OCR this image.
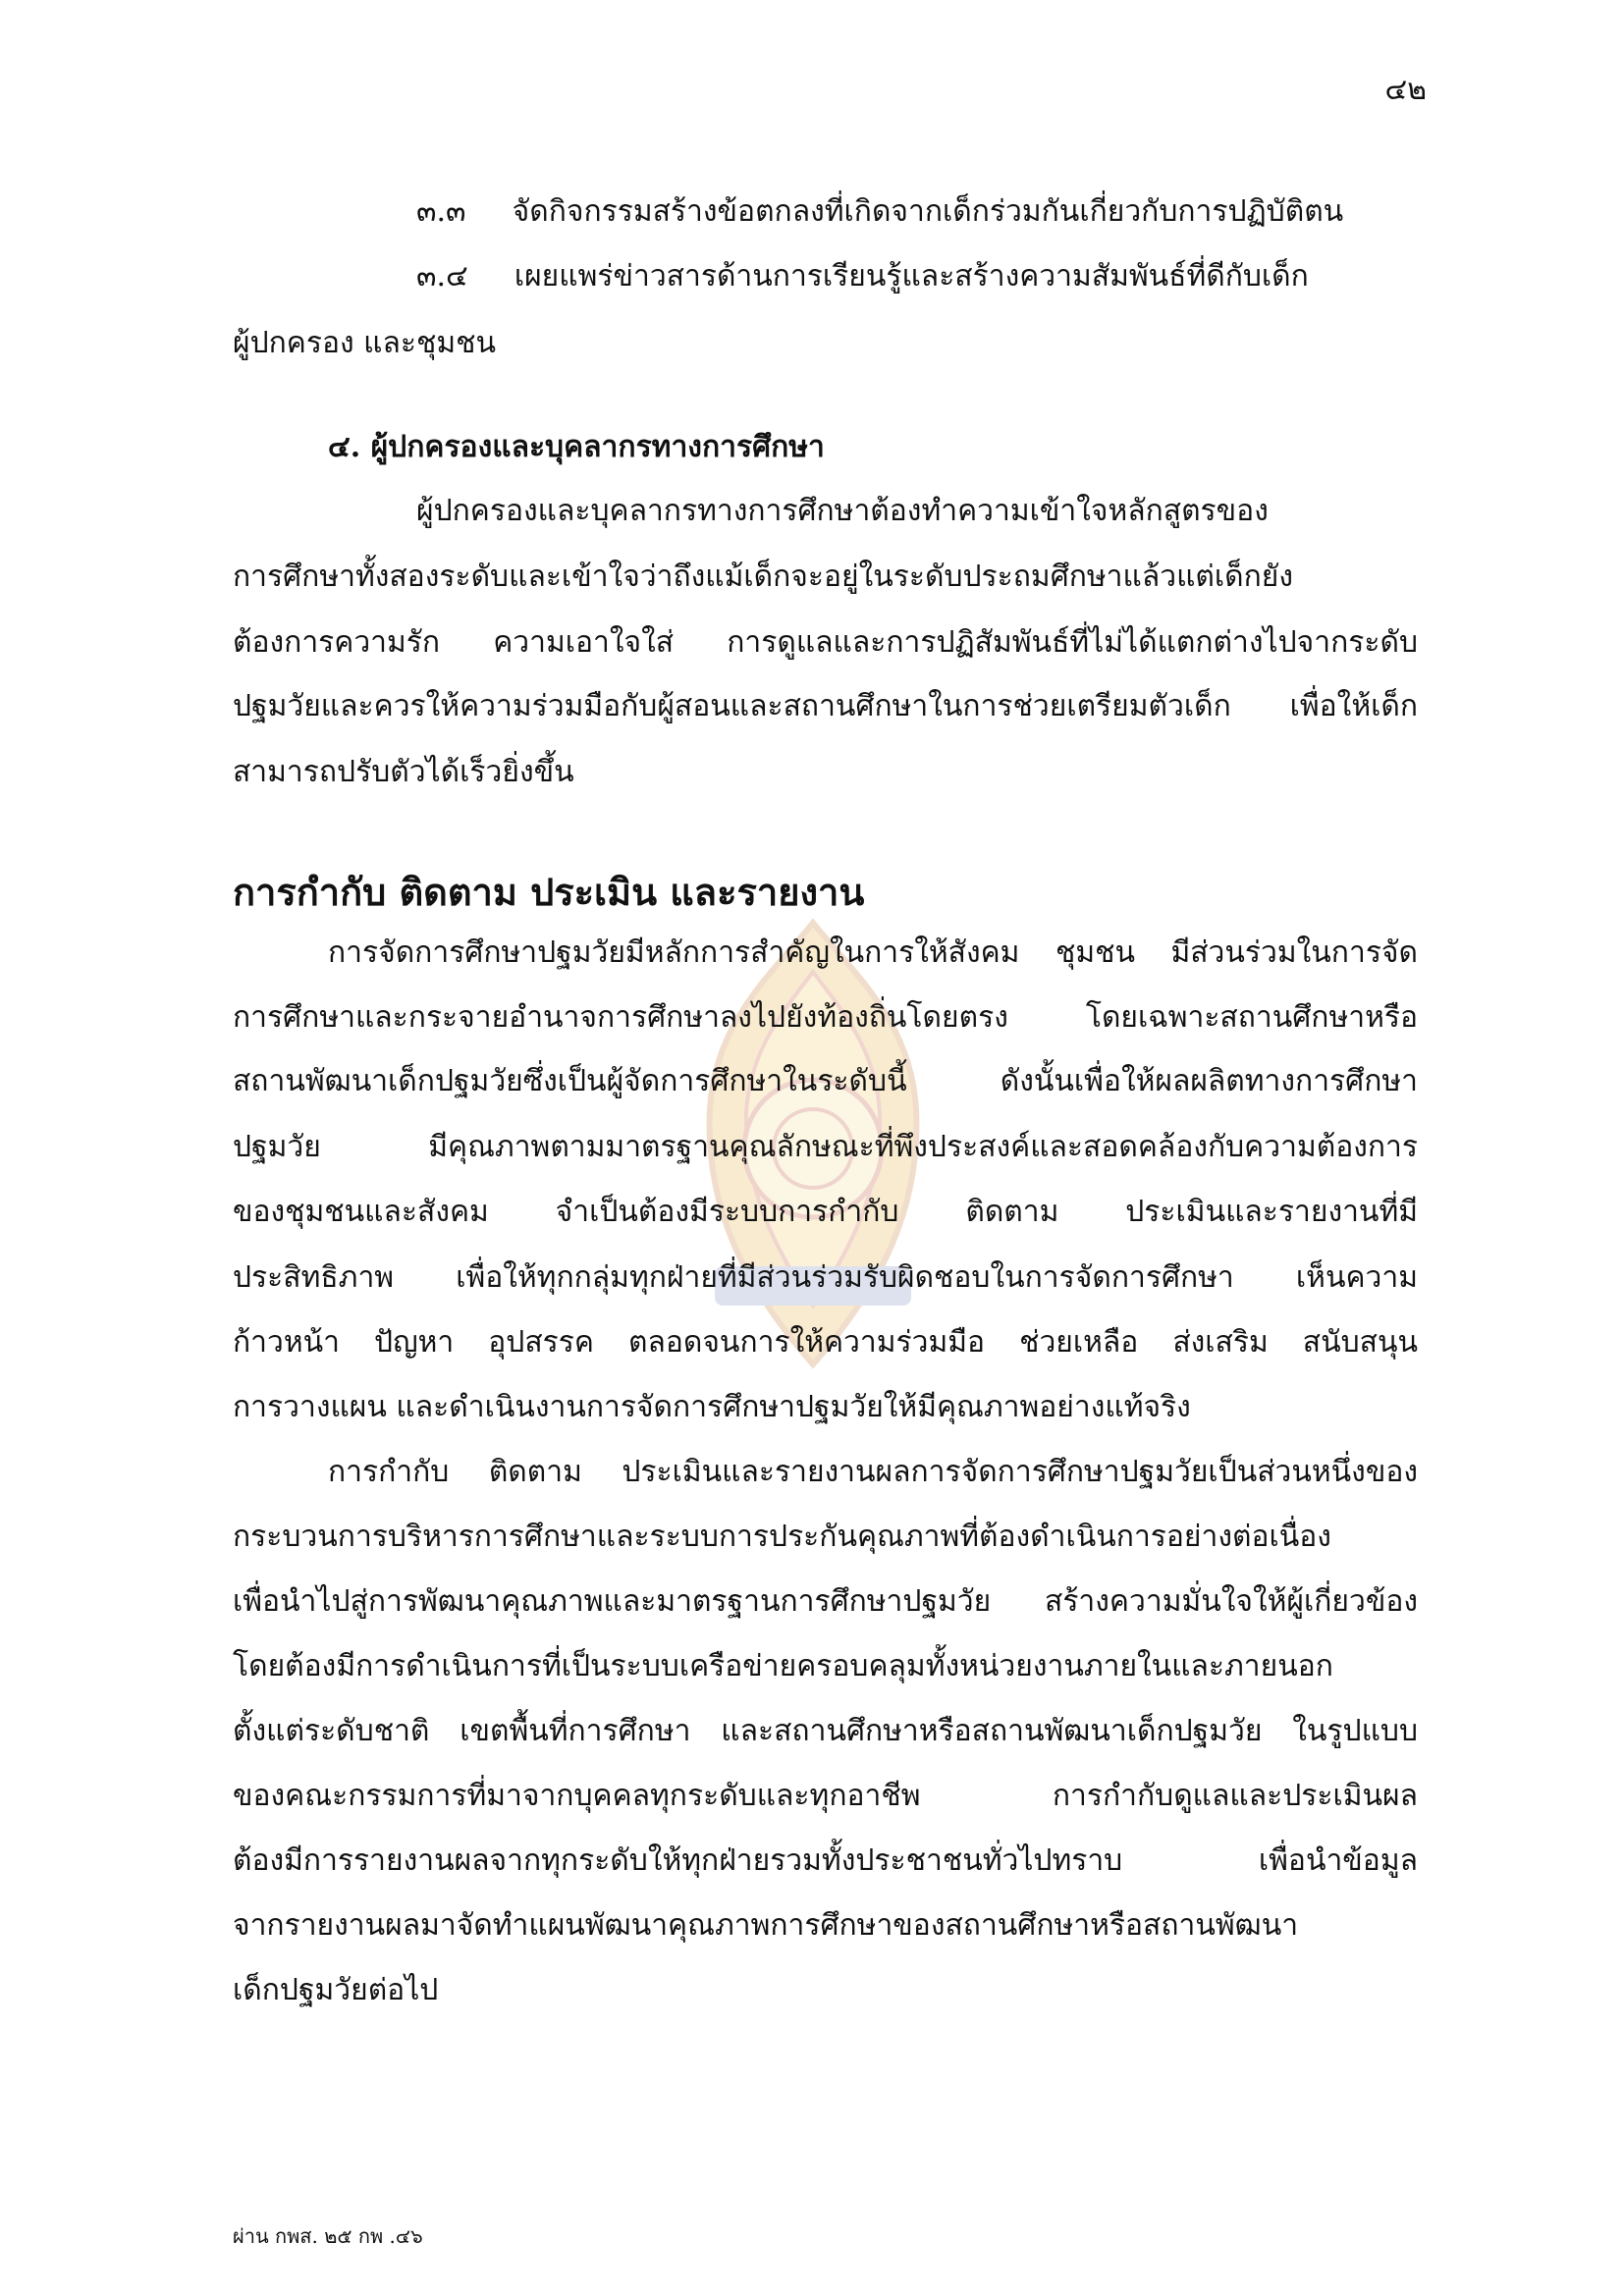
๔๒
๓.๓ จัดกิจกรรมสร้างข้อตกลงที่เกิดจากเด็กร่วมกันเกี่ยวกับการปฏิบัติตน
๓.๔ เผยแพร่ข่าวสารด้านการเรียนรู้และสร้างความสัมพันธ์ที่ดีกับเด็ก
ผู้ปกครอง และชุมชน
๔. ผู้ปกครองและบุคลากรทางการศึกษา
ผู้ปกครองและบุคลากรทางการศึกษาต้องทำความเข้าใจหลักสูตรของ
การศึกษาทั้งสองระดับและเข้าใจว่าถึงแม้เด็กจะอยู่ในระดับประถมศึกษาแล้วแต่เด็กยัง
ต้องการความรัก ความเอาใจใส่ การดูแลและการปฏิสัมพันธ์ที่ไม่ได้แตกต่างไปจากระดับ
ปฐมวัยและควรให้ความร่วมมือกับผู้สอนและสถานศึกษาในการช่วยเตรียมตัวเด็ก เพื่อให้เด็ก
สามารถปรับตัวได้เร็วยิ่งขึ้น
การกำกับ ติดตาม ประเมิน และรายงาน
การจัดการศึกษาปฐมวัยมีหลักการสำคัญในการให้สังคม ชุมชน มีส่วนร่วมในการจัด
การศึกษาและกระจายอำนาจการศึกษาลงไปยังท้องถิ่นโดยตรง โดยเฉพาะสถานศึกษาหรือ
สถานพัฒนาเด็กปฐมวัยซึ่งเป็นผู้จัดการศึกษาในระดับนี้ ดังนั้นเพื่อให้ผลผลิตทางการศึกษา
ปฐมวัย มีคุณภาพตามมาตรฐานคุณลักษณะที่พึงประสงค์และสอดคล้องกับความต้องการ
ของชุมชนและสังคม จำเป็นต้องมีระบบการกำกับ ติดตาม ประเมินและรายงานที่มี
ประสิทธิภาพ เพื่อให้ทุกกลุ่มทุกฝ่ายที่มีส่วนร่วมรับผิดชอบในการจัดการศึกษา เห็นความ
ก้าวหน้า ปัญหา อุปสรรค ตลอดจนการให้ความร่วมมือ ช่วยเหลือ ส่งเสริม สนับสนุน
การวางแผน และดำเนินงานการจัดการศึกษาปฐมวัยให้มีคุณภาพอย่างแท้จริง
การกำกับ ติดตาม ประเมินและรายงานผลการจัดการศึกษาปฐมวัยเป็นส่วนหนึ่งของ
กระบวนการบริหารการศึกษาและระบบการประกันคุณภาพที่ต้องดำเนินการอย่างต่อเนื่อง
เพื่อนำไปสู่การพัฒนาคุณภาพและมาตรฐานการศึกษาปฐมวัย สร้างความมั่นใจให้ผู้เกี่ยวข้อง
โดยต้องมีการดำเนินการที่เป็นระบบเครือข่ายครอบคลุมทั้งหน่วยงานภายในและภายนอก
ตั้งแต่ระดับชาติ เขตพื้นที่การศึกษา และสถานศึกษาหรือสถานพัฒนาเด็กปฐมวัย ในรูปแบบ
ของคณะกรรมการที่มาจากบุคคลทุกระดับและทุกอาชีพ การกำกับดูแลและประเมินผล
ต้องมีการรายงานผลจากทุกระดับให้ทุกฝ่ายรวมทั้งประชาชนทั่วไปทราบ เพื่อนำข้อมูล
จากรายงานผลมาจัดทำแผนพัฒนาคุณภาพการศึกษาของสถานศึกษาหรือสถานพัฒนา
เด็กปฐมวัยต่อไป
ผ่าน กพส. ๒๕ กพ .๔๖
